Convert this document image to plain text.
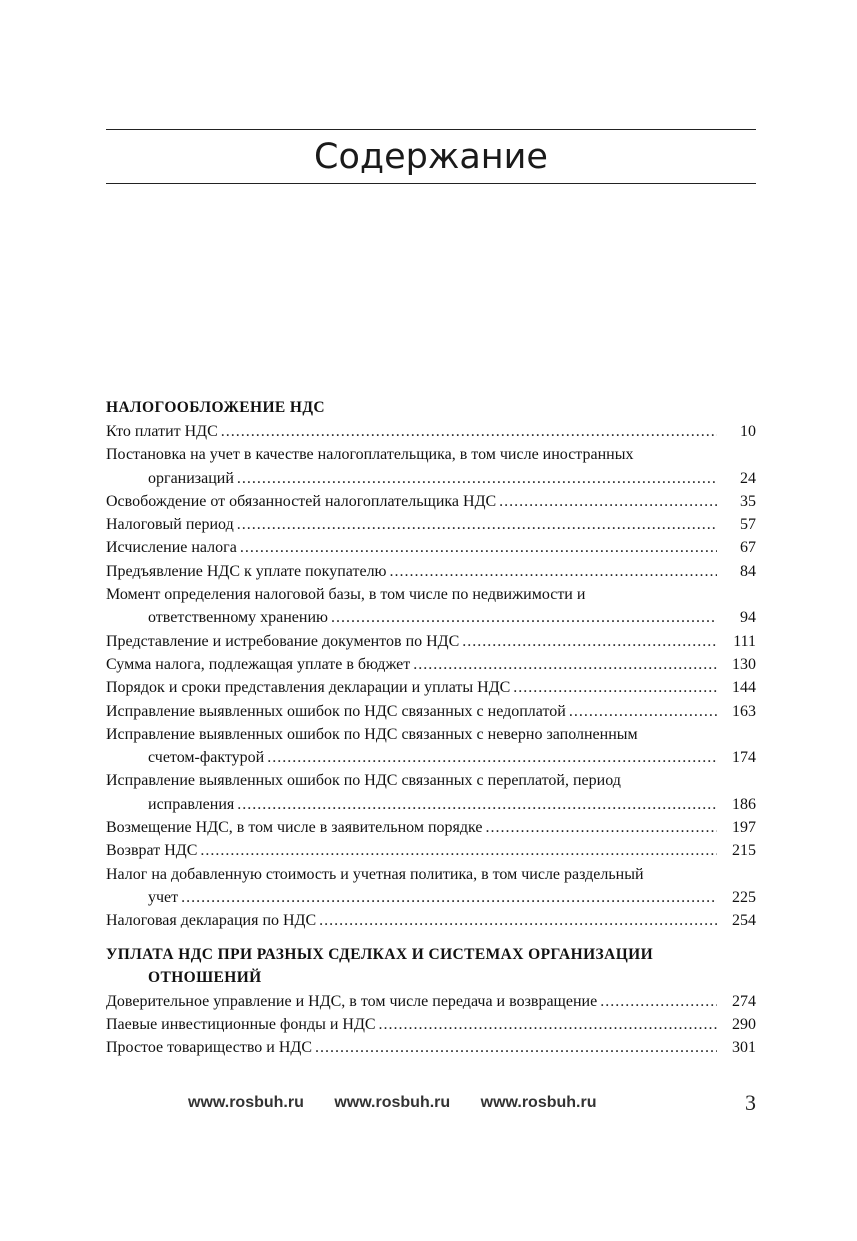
Содержание
НАЛОГООБЛОЖЕНИЕ НДС
Кто платит НДС .....	10
Постановка на учет в качестве налогоплательщика, в том числе иностранных
организаций .....	24
Освобождение от обязанностей налогоплательщика НДС .....	35
Налоговый период .....	57
Исчисление налога .....	67
Предъявление НДС к уплате покупателю .....	84
Момент определения налоговой базы, в том числе по недвижимости и
ответственному хранению .....	94
Представление и истребование документов по НДС .....	111
Сумма налога, подлежащая уплате в бюджет .....	130
Порядок и сроки представления декларации и уплаты НДС .....	144
Исправление выявленных ошибок по НДС связанных с недоплатой .....	163
Исправление выявленных ошибок по НДС связанных с неверно заполненным
счетом-фактурой .....	174
Исправление выявленных ошибок по НДС связанных с переплатой, период
исправления .....	186
Возмещение НДС, в том числе в заявительном порядке .....	197
Возврат НДС .....	215
Налог на добавленную стоимость и учетная политика, в том числе раздельный
учет .....	225
Налоговая декларация по НДС .....	254
УПЛАТА НДС ПРИ РАЗНЫХ СДЕЛКАХ И СИСТЕМАХ ОРГАНИЗАЦИИ ОТНОШЕНИЙ
Доверительное управление и НДС, в том числе передача и возвращение .....	274
Паевые инвестиционные фонды и НДС .....	290
Простое товарищество и НДС .....	301
www.rosbuh.ru www.rosbuh.ru www.rosbuh.ru	3
